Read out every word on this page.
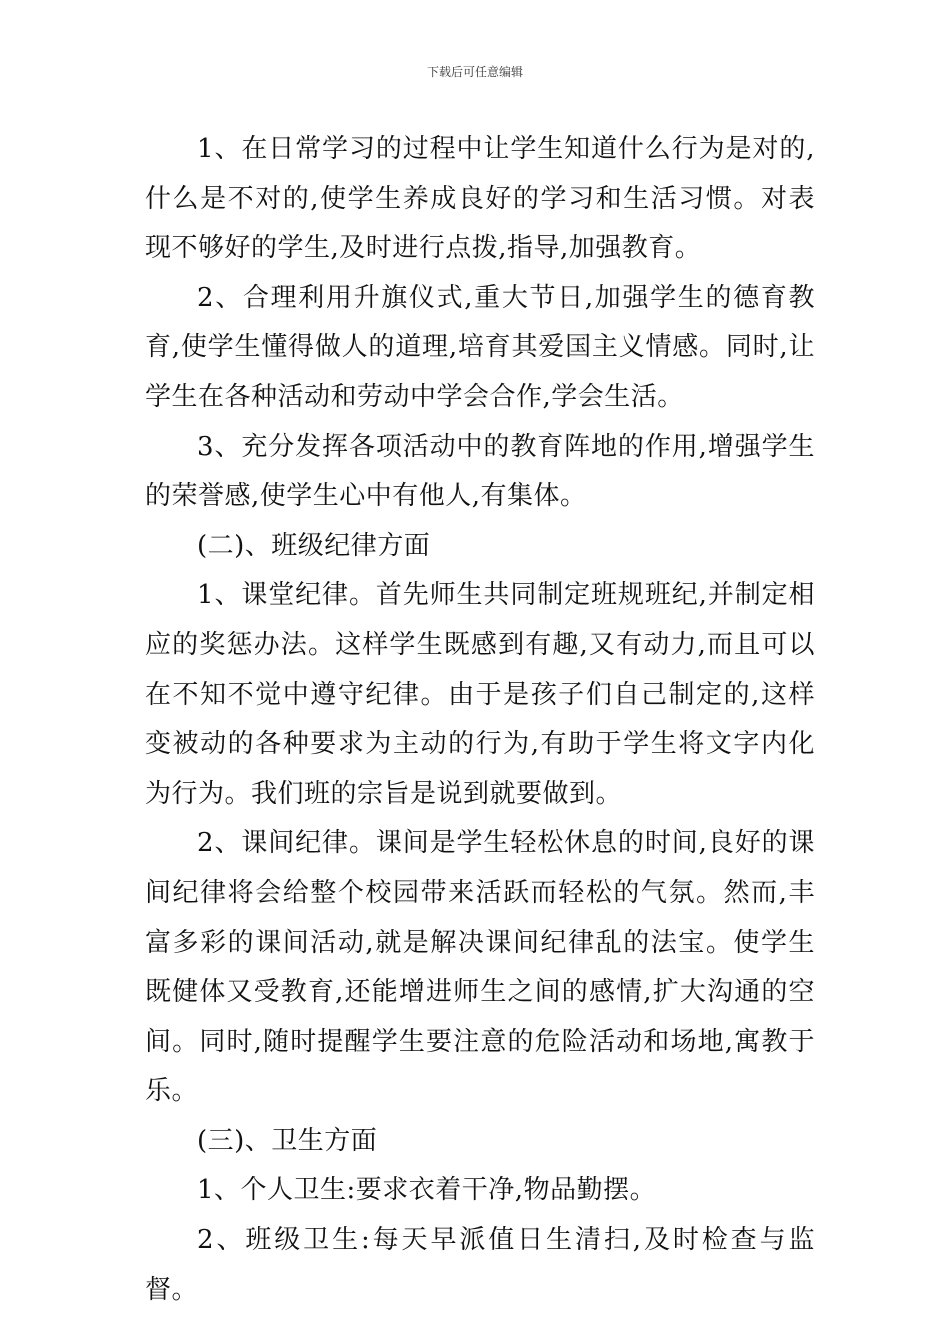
下载后可任意编辑

1、在日常学习的过程中让学生知道什么行为是对的,什么是不对的,使学生养成良好的学习和生活习惯。对表现不够好的学生,及时进行点拨,指导,加强教育。

2、合理利用升旗仪式,重大节日,加强学生的德育教育,使学生懂得做人的道理,培育其爱国主义情感。同时,让学生在各种活动和劳动中学会合作,学会生活。

3、充分发挥各项活动中的教育阵地的作用,增强学生的荣誉感,使学生心中有他人,有集体。

(二)、班级纪律方面

1、课堂纪律。首先师生共同制定班规班纪,并制定相应的奖惩办法。这样学生既感到有趣,又有动力,而且可以在不知不觉中遵守纪律。由于是孩子们自己制定的,这样变被动的各种要求为主动的行为,有助于学生将文字内化为行为。我们班的宗旨是说到就要做到。

2、课间纪律。课间是学生轻松休息的时间,良好的课间纪律将会给整个校园带来活跃而轻松的气氛。然而,丰富多彩的课间活动,就是解决课间纪律乱的法宝。使学生既健体又受教育,还能增进师生之间的感情,扩大沟通的空间。同时,随时提醒学生要注意的危险活动和场地,寓教于乐。

(三)、卫生方面

1、个人卫生:要求衣着干净,物品勤摆。

2、班级卫生:每天早派值日生清扫,及时检查与监督。
